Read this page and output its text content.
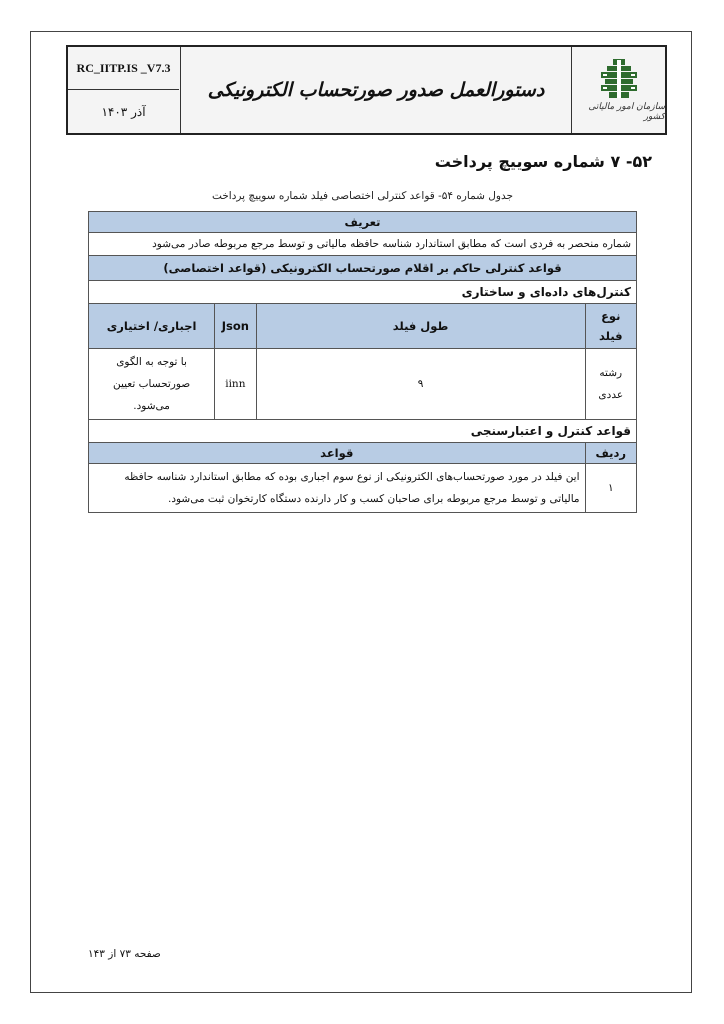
RC_IITP.IS _V7.3
آذر ۱۴۰۳
دستورالعمل صدور صورتحساب الکترونیکی
سازمان امور مالیاتی کشور
۵۲- ۷ شماره سوییچ پرداخت
جدول شماره ۵۴- قواعد کنترلی اختصاصی فیلد شماره سوییچ پرداخت
تعریف			
شماره منحصر به فردی است که مطابق استاندارد شناسه حافظه مالیاتی و توسط مرجع مربوطه صادر می‌شود			
قواعد کنترلی حاکم بر اقلام صورتحساب الکترونیکی (قواعد اختصاصی)			
کنترل‌های داده‌ای و ساختاری			
نوع فیلد	طول فیلد	Json	اجباری/ اختیاری
رشته عددی	۹	iinn	با توجه به الگوی صورتحساب تعیین می‌شود.
قواعد کنترل و اعتبارسنجی			
ردیف	قواعد		
۱	این فیلد در مورد صورتحساب‌های الکترونیکی از نوع سوم اجباری بوده که مطابق استاندارد شناسه حافظه مالیاتی و توسط مرجع مربوطه برای صاحبان کسب و کار دارنده دستگاه کارتخوان ثبت می‌شود.		
صفحه ۷۳ از ۱۴۳
